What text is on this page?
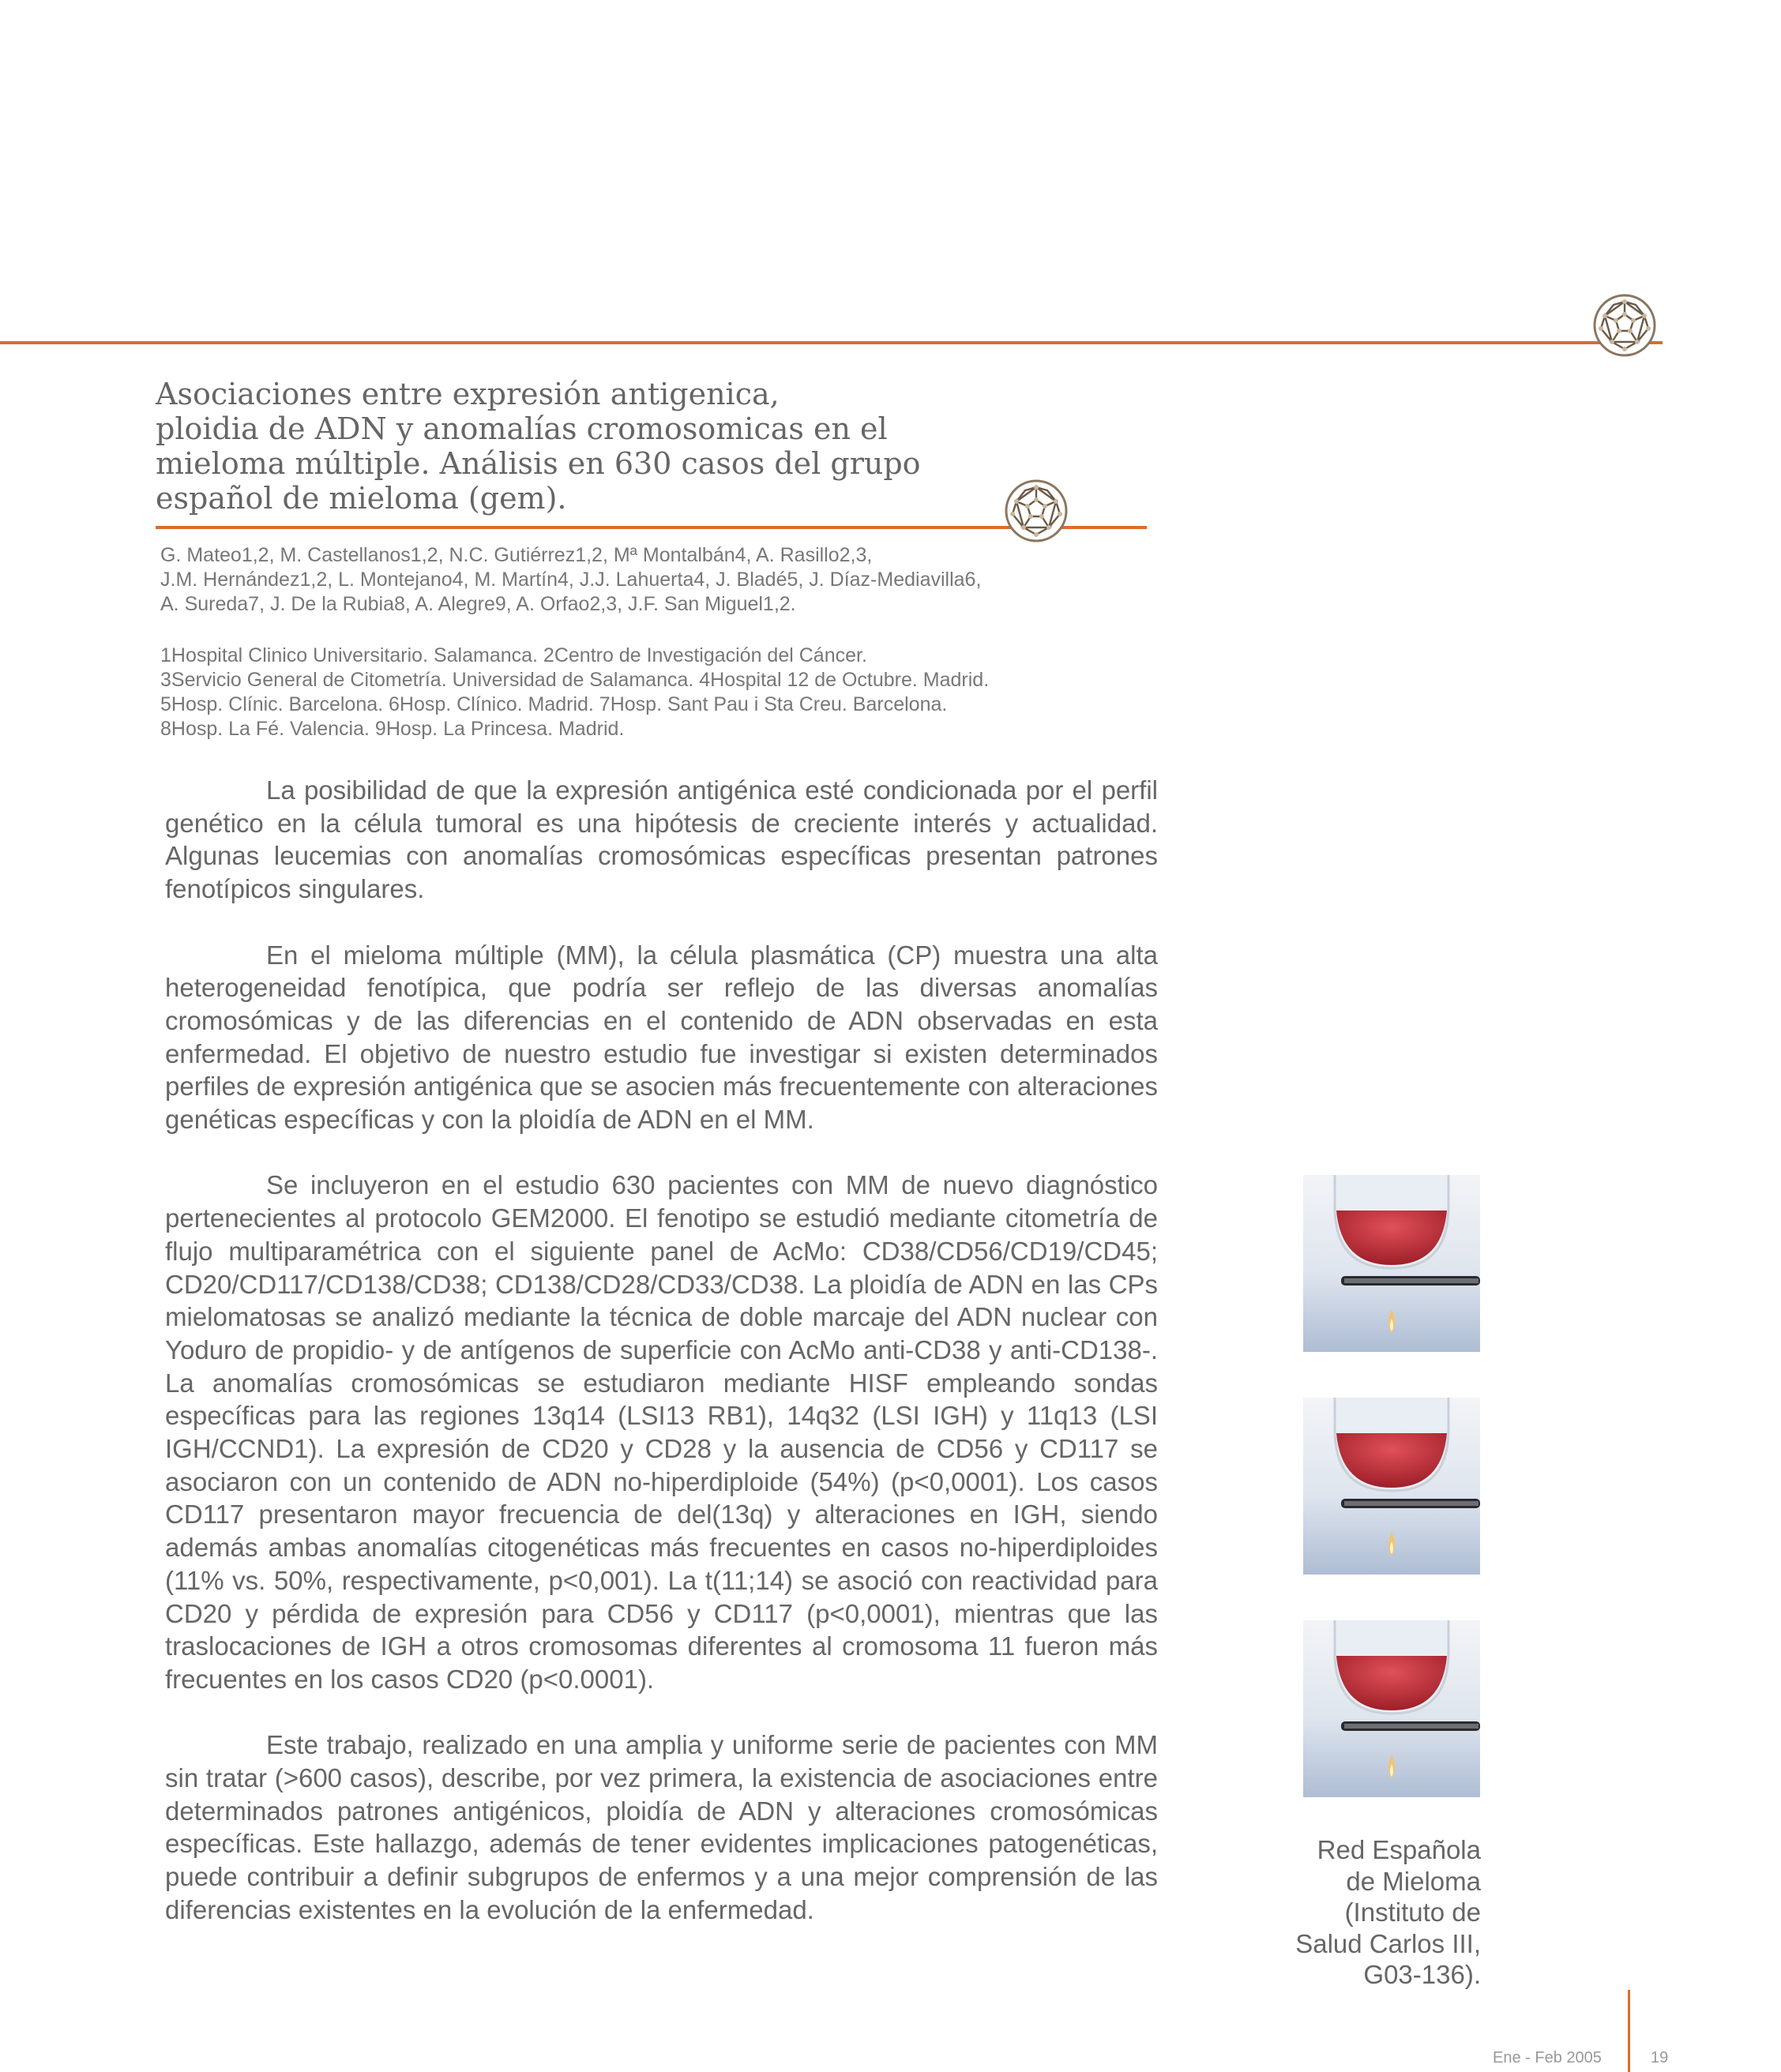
Asociaciones entre expresión antigenica,
ploidia de ADN y anomalías cromosomicas en el
mieloma múltiple. Análisis en 630 casos del grupo
español de mieloma (gem).
G. Mateo1,2, M. Castellanos1,2, N.C. Gutiérrez1,2, Mª Montalbán4, A. Rasillo2,3,
J.M. Hernández1,2, L. Montejano4, M. Martín4, J.J. Lahuerta4, J. Bladé5, J. Díaz-Mediavilla6,
A. Sureda7, J. De la Rubia8, A. Alegre9, A. Orfao2,3, J.F. San Miguel1,2.
1Hospital Clinico Universitario. Salamanca. 2Centro de Investigación del Cáncer.
3Servicio General de Citometría. Universidad de Salamanca. 4Hospital 12 de Octubre. Madrid.
5Hosp. Clínic. Barcelona. 6Hosp. Clínico. Madrid. 7Hosp. Sant Pau i Sta Creu. Barcelona.
8Hosp. La Fé. Valencia. 9Hosp. La Princesa. Madrid.

La posibilidad de que la expresión antigénica esté condicionada por el perfil genético en la célula tumoral es una hipótesis de creciente interés y actualidad. Algunas leucemias con anomalías cromosómicas específicas presentan patrones fenotípicos singulares.

En el mieloma múltiple (MM), la célula plasmática (CP) muestra una alta heterogeneidad fenotípica, que podría ser reflejo de las diversas anomalías cromosómicas y de las diferencias en el contenido de ADN observadas en esta enfermedad. El objetivo de nuestro estudio fue investigar si existen determinados perfiles de expresión antigénica que se asocien más frecuentemente con alteraciones genéticas específicas y con la ploidía de ADN en el MM.

Se incluyeron en el estudio 630 pacientes con MM de nuevo diagnóstico pertenecientes al protocolo GEM2000. El fenotipo se estudió mediante citometría de flujo multiparamétrica con el siguiente panel de AcMo: CD38/CD56/CD19/CD45; CD20/CD117/CD138/CD38; CD138/CD28/CD33/CD38. La ploidía de ADN en las CPs mielomatosas se analizó mediante la técnica de doble marcaje del ADN nuclear con Yoduro de propidio- y de antígenos de superficie con AcMo anti-CD38 y anti-CD138-. La anomalías cromosómicas se estudiaron mediante HISF empleando sondas específicas para las regiones 13q14 (LSI13 RB1), 14q32 (LSI IGH) y 11q13 (LSI IGH/CCND1). La expresión de CD20 y CD28 y la ausencia de CD56 y CD117 se asociaron con un contenido de ADN no-hiperdiploide (54%) (p<0,0001). Los casos CD117 presentaron mayor frecuencia de del(13q) y alteraciones en IGH, siendo además ambas anomalías citogenéticas más frecuentes en casos no-hiperdiploides (11% vs. 50%, respectivamente, p<0,001). La t(11;14) se asoció con reactividad para CD20 y pérdida de expresión para CD56 y CD117 (p<0,0001), mientras que las traslocaciones de IGH a otros cromosomas diferentes al cromosoma 11 fueron más frecuentes en los casos CD20 (p<0.0001).

Este trabajo, realizado en una amplia y uniforme serie de pacientes con MM sin tratar (>600 casos), describe, por vez primera, la existencia de asociaciones entre determinados patrones antigénicos, ploidía de ADN y alteraciones cromosómicas específicas. Este hallazgo, además de tener evidentes implicaciones patogenéticas, puede contribuir a definir subgrupos de enfermos y a una mejor comprensión de las diferencias existentes en la evolución de la enfermedad.

Red Española
de Mieloma
(Instituto de
Salud Carlos III,
G03-136).
Ene - Feb 2005	19
